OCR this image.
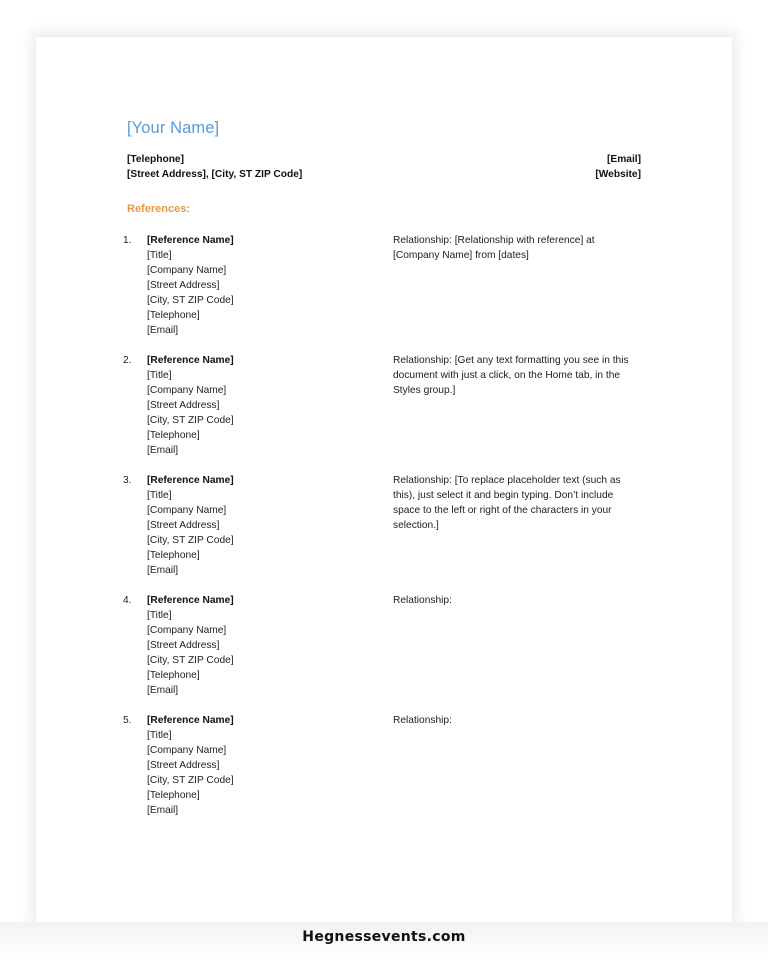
[Your Name]
[Telephone]
[Street Address], [City, ST ZIP Code]
[Email]
[Website]
References:
1.	[Reference Name]
[Title]
[Company Name]
[Street Address]
[City, ST ZIP Code]
[Telephone]
[Email]
Relationship: [Relationship with reference] at [Company Name] from [dates]
2.	[Reference Name]
[Title]
[Company Name]
[Street Address]
[City, ST ZIP Code]
[Telephone]
[Email]
Relationship: [Get any text formatting you see in this document with just a click, on the Home tab, in the Styles group.]
3.	[Reference Name]
[Title]
[Company Name]
[Street Address]
[City, ST ZIP Code]
[Telephone]
[Email]
Relationship: [To replace placeholder text (such as this), just select it and begin typing. Don’t include space to the left or right of the characters in your selection.]
4.	[Reference Name]
[Title]
[Company Name]
[Street Address]
[City, ST ZIP Code]
[Telephone]
[Email]
Relationship:
5.	[Reference Name]
[Title]
[Company Name]
[Street Address]
[City, ST ZIP Code]
[Telephone]
[Email]
Relationship:
Hegnessevents.com
